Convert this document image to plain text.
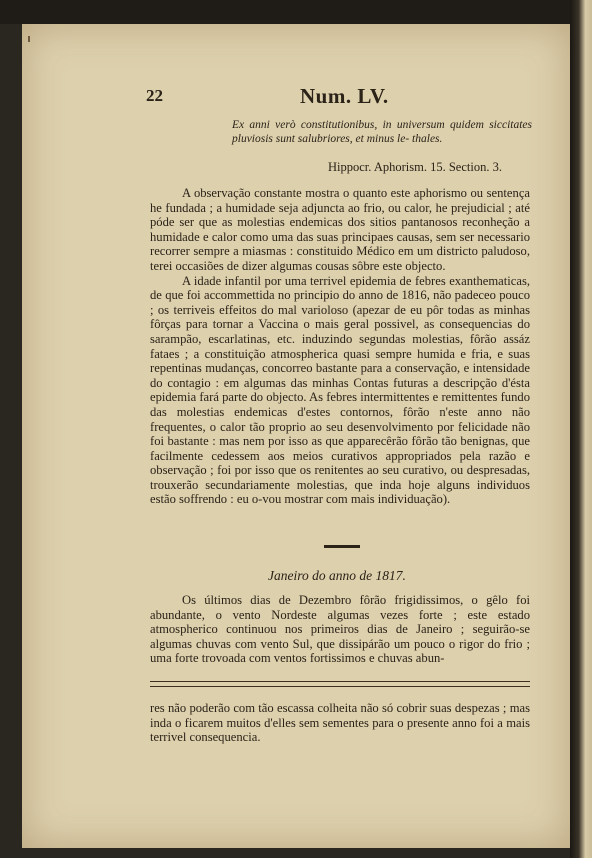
22	Num. LV.
Ex anni verò constitutionibus, in universum quidem siccitates pluviosis sunt salubriores, et minus le- thales.
Hippocr. Aphorism. 15. Section. 3.

A observação constante mostra o quanto este aphorismo ou sentença he fundada ; a humidade seja adjuncta ao frio, ou calor, he prejudicial ; até póde ser que as molestias endemicas dos sitios pantanosos reconheção a humidade e calor como uma das suas principaes causas, sem ser necessario recorrer sempre a miasmas : constituido Médico em um districto paludoso, terei occasiões de dizer algumas cousas sôbre este objecto.

A idade infantil por uma terrivel epidemia de febres exanthematicas, de que foi accommettida no principio do anno de 1816, não padeceo pouco ; os terriveis effeitos do mal varioloso (apezar de eu pôr todas as minhas fôrças para tornar a Vaccina o mais geral possivel, as consequencias do sarampão, escarlatinas, etc. induzindo segundas molestias, fôrão assáz fataes ; a constituição atmospherica quasi sempre humida e fria, e suas repentinas mudanças, concorreo bastante para a conservação, e intensidade do contagio : em algumas das minhas Contas futuras a descripção d'ésta epidemia fará parte do objecto. As febres intermittentes e remittentes fundo das molestias endemicas d'estes contornos, fôrão n'este anno não frequentes, o calor tão proprio ao seu desenvolvimento por felicidade não foi bastante : mas nem por isso as que apparecêrão fôrão tão benignas, que facilmente cedessem aos meios curativos appropriados pela razão e observação ; foi por isso que os renitentes ao seu curativo, ou despresadas, trouxerão secundariamente molestias, que inda hoje alguns individuos estão soffrendo : eu o-vou mostrar com mais individuação).

Janeiro do anno de 1817.

Os últimos dias de Dezembro fôrão frigidissimos, o gêlo foi abundante, o vento Nordeste algumas vezes forte ; este estado atmospherico continuou nos primeiros dias de Janeiro ; seguirão-se algumas chuvas com vento Sul, que dissipárão um pouco o rigor do frio ; uma forte trovoada com ventos fortissimos e chuvas abun-

res não poderão com tão escassa colheita não só cobrir suas despezas ; mas inda o ficarem muitos d'elles sem sementes para o presente anno foi a mais terrivel consequencia.
